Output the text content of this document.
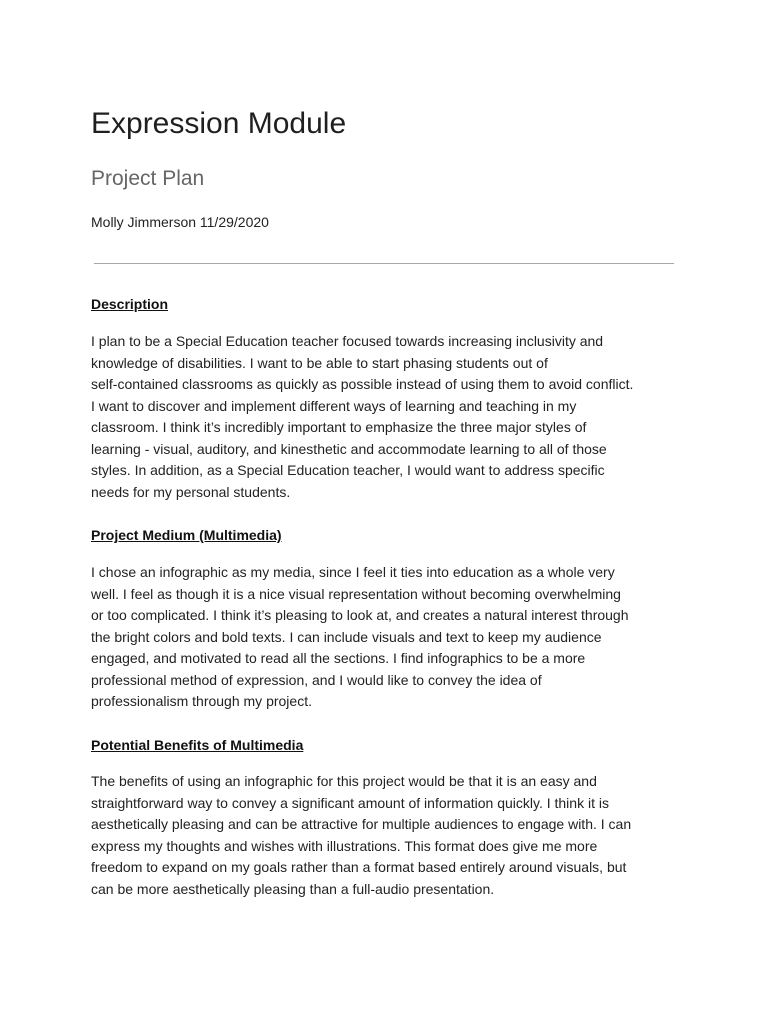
Expression Module
Project Plan

Molly Jimmerson 11/29/2020

Description
I plan to be a Special Education teacher focused towards increasing inclusivity and
knowledge of disabilities. I want to be able to start phasing students out of
self-contained classrooms as quickly as possible instead of using them to avoid conflict.
I want to discover and implement different ways of learning and teaching in my
classroom. I think it’s incredibly important to emphasize the three major styles of
learning - visual, auditory, and kinesthetic and accommodate learning to all of those
styles. In addition, as a Special Education teacher, I would want to address specific
needs for my personal students.
Project Medium (Multimedia)
I chose an infographic as my media, since I feel it ties into education as a whole very
well. I feel as though it is a nice visual representation without becoming overwhelming
or too complicated. I think it’s pleasing to look at, and creates a natural interest through
the bright colors and bold texts. I can include visuals and text to keep my audience
engaged, and motivated to read all the sections. I find infographics to be a more
professional method of expression, and I would like to convey the idea of
professionalism through my project.
Potential Benefits of Multimedia
The benefits of using an infographic for this project would be that it is an easy and
straightforward way to convey a significant amount of information quickly. I think it is
aesthetically pleasing and can be attractive for multiple audiences to engage with. I can
express my thoughts and wishes with illustrations. This format does give me more
freedom to expand on my goals rather than a format based entirely around visuals, but
can be more aesthetically pleasing than a full-audio presentation.
